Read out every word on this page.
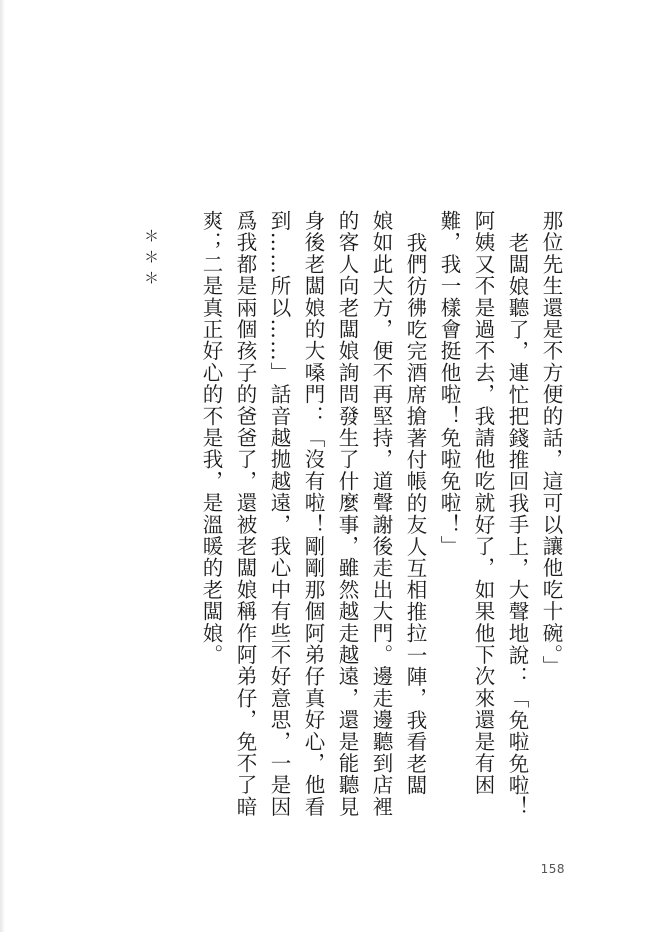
那位先生還是不方便的話，這可以讓他吃十碗。」

老闆娘聽了，連忙把錢推回我手上，大聲地說：「免啦免啦！

阿姨又不是過不去，我請他吃就好了，如果他下次來還是有困

難，我一樣會挺他啦！免啦免啦！」

我們彷彿吃完酒席搶著付帳的友人互相推拉一陣，我看老闆

娘如此大方，便不再堅持，道聲謝後走出大門。邊走邊聽到店裡

的客人向老闆娘詢問發生了什麼事，雖然越走越遠，還是能聽見

身後老闆娘的大嗓門：「沒有啦！剛剛那個阿弟仔真好心，他看

到……所以……」話音越拋越遠，我心中有些不好意思，一是因

爲我都是兩個孩子的爸爸了，還被老闆娘稱作阿弟仔，免不了暗

爽；二是真正好心的不是我，是溫暖的老闆娘。

＊＊＊
158
